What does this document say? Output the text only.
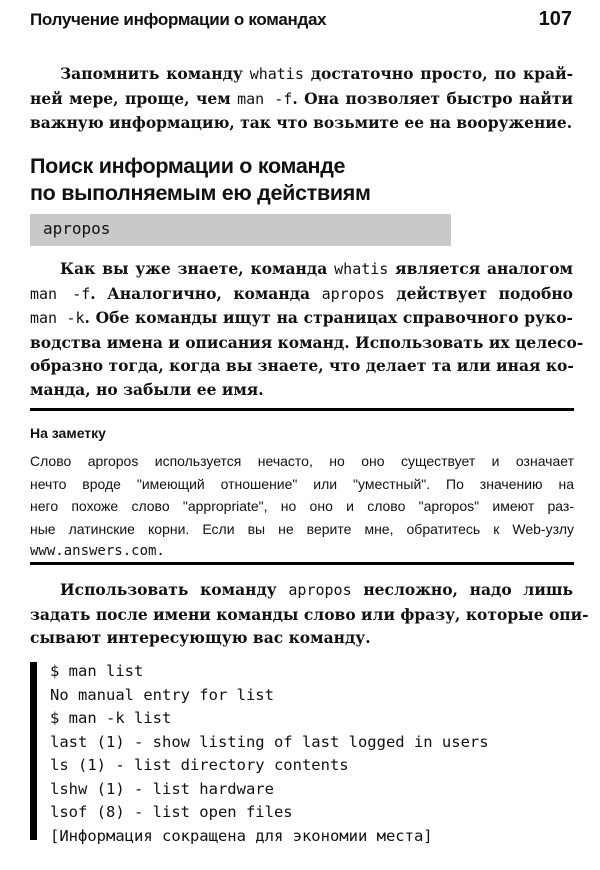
Получение информации о командах	107
Запомнить команду whatis достаточно просто, по край-
ней мере, проще, чем man -f. Она позволяет быстро найти
важную информацию, так что возьмите ее на вооружение.
Поиск информации о команде
по выполняемым ею действиям
apropos
Как вы уже знаете, команда whatis является аналогом
man -f. Аналогично, команда apropos действует подобно
man -k. Обе команды ищут на страницах справочного руко-
водства имена и описания команд. Использовать их целесо-
образно тогда, когда вы знаете, что делает та или иная ко-
манда, но забыли ее имя.
На заметку
Слово apropos используется нечасто, но оно существует и означает
нечто вроде "имеющий отношение" или "уместный". По значению на
него похоже слово "appropriate", но оно и слово "apropos" имеют раз-
ные латинские корни. Если вы не верите мне, обратитесь к Web-узлу
www.answers.com.
Использовать команду apropos несложно, надо лишь
задать после имени команды слово или фразу, которые опи-
сывают интересующую вас команду.
$ man list
No manual entry for list
$ man -k list
last (1) - show listing of last logged in users
ls (1) - list directory contents
lshw (1) - list hardware
lsof (8) - list open files
[Информация сокращена для экономии места]
